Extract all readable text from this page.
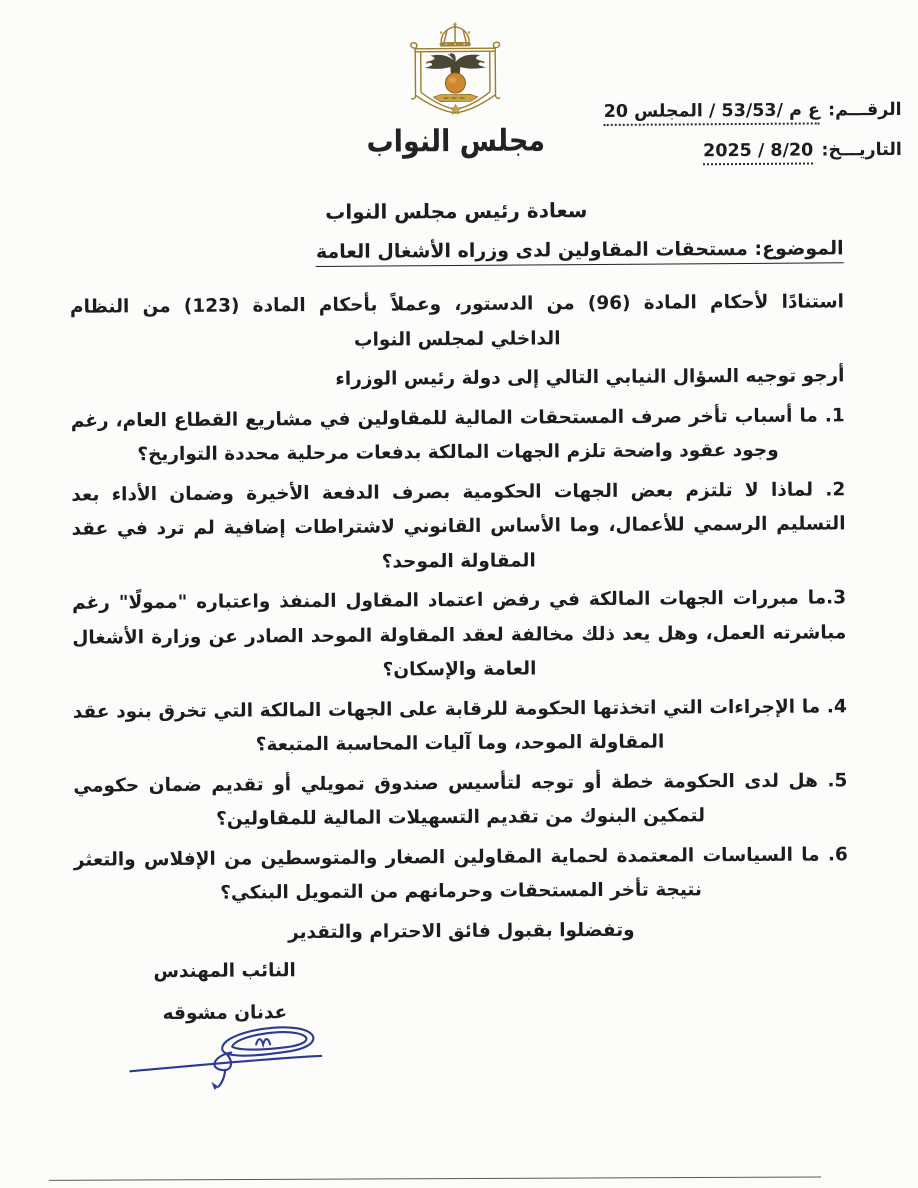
مجلس النواب
الرقـــم: ع م /53/53 / المجلس 20
التاريـــخ: 8/20 / 2025
سعادة رئيس مجلس النواب
الموضوع: مستحقات المقاولين لدى وزراه الأشغال العامة

استنادًا لأحكام المادة (96) من الدستور، وعملاً بأحكام المادة (123) من النظام الداخلي لمجلس النواب

أرجو توجيه السؤال النيابي التالي إلى دولة رئيس الوزراء

1. ما أسباب تأخر صرف المستحقات المالية للمقاولين في مشاريع القطاع العام، رغم وجود عقود واضحة تلزم الجهات المالكة بدفعات مرحلية محددة التواريخ؟

2. لماذا لا تلتزم بعض الجهات الحكومية بصرف الدفعة الأخيرة وضمان الأداء بعد التسليم الرسمي للأعمال، وما الأساس القانوني لاشتراطات إضافية لم ترد في عقد المقاولة الموحد؟

3.ما مبررات الجهات المالكة في رفض اعتماد المقاول المنفذ واعتباره "ممولًا" رغم مباشرته العمل، وهل يعد ذلك مخالفة لعقد المقاولة الموحد الصادر عن وزارة الأشغال العامة والإسكان؟

4. ما الإجراءات التي اتخذتها الحكومة للرقابة على الجهات المالكة التي تخرق بنود عقد المقاولة الموحد، وما آليات المحاسبة المتبعة؟

5. هل لدى الحكومة خطة أو توجه لتأسيس صندوق تمويلي أو تقديم ضمان حكومي لتمكين البنوك من تقديم التسهيلات المالية للمقاولين؟

6. ما السياسات المعتمدة لحماية المقاولين الصغار والمتوسطين من الإفلاس والتعثر نتيجة تأخر المستحقات وحرمانهم من التمويل البنكي؟

وتفضلوا بقبول فائق الاحترام والتقدير

النائب المهندس
عدنان مشوقه
